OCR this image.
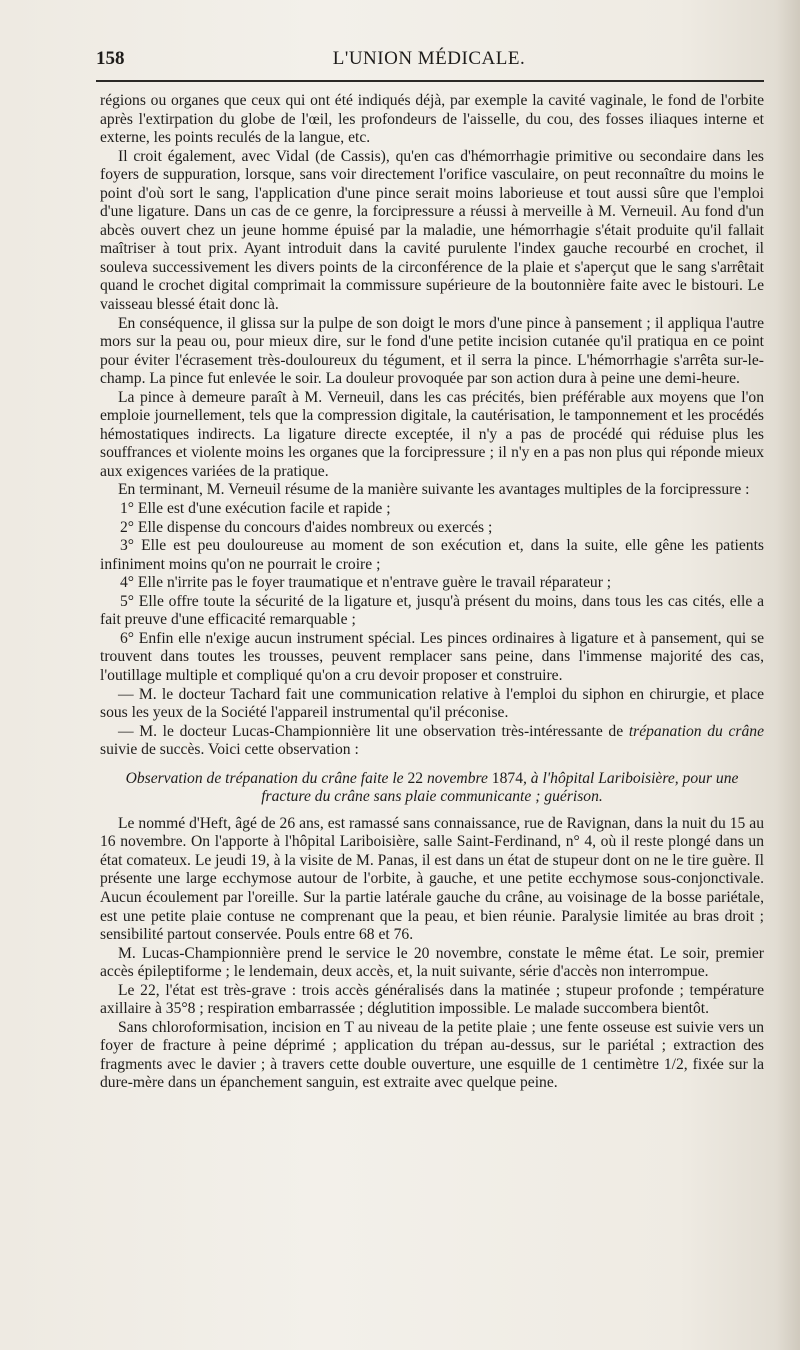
158	L'UNION MÉDICALE.

régions ou organes que ceux qui ont été indiqués déjà, par exemple la cavité vaginale, le fond de l'orbite après l'extirpation du globe de l'œil, les profondeurs de l'aisselle, du cou, des fosses iliaques interne et externe, les points reculés de la langue, etc.

Il croit également, avec Vidal (de Cassis), qu'en cas d'hémorrhagie primitive ou secondaire dans les foyers de suppuration, lorsque, sans voir directement l'orifice vasculaire, on peut reconnaître du moins le point d'où sort le sang, l'application d'une pince serait moins laborieuse et tout aussi sûre que l'emploi d'une ligature. Dans un cas de ce genre, la forcipressure a réussi à merveille à M. Verneuil. Au fond d'un abcès ouvert chez un jeune homme épuisé par la maladie, une hémorrhagie s'était produite qu'il fallait maîtriser à tout prix. Ayant introduit dans la cavité purulente l'index gauche recourbé en crochet, il souleva successivement les divers points de la circonférence de la plaie et s'aperçut que le sang s'arrêtait quand le crochet digital comprimait la commissure supérieure de la boutonnière faite avec le bistouri. Le vaisseau blessé était donc là.

En conséquence, il glissa sur la pulpe de son doigt le mors d'une pince à pansement ; il appliqua l'autre mors sur la peau ou, pour mieux dire, sur le fond d'une petite incision cutanée qu'il pratiqua en ce point pour éviter l'écrasement très-douloureux du tégument, et il serra la pince. L'hémorrhagie s'arrêta sur-le-champ. La pince fut enlevée le soir. La douleur provoquée par son action dura à peine une demi-heure.

La pince à demeure paraît à M. Verneuil, dans les cas précités, bien préférable aux moyens que l'on emploie journellement, tels que la compression digitale, la cautérisation, le tamponnement et les procédés hémostatiques indirects. La ligature directe exceptée, il n'y a pas de procédé qui réduise plus les souffrances et violente moins les organes que la forcipressure ; il n'y en a pas non plus qui réponde mieux aux exigences variées de la pratique.

En terminant, M. Verneuil résume de la manière suivante les avantages multiples de la forcipressure :

1° Elle est d'une exécution facile et rapide ;

2° Elle dispense du concours d'aides nombreux ou exercés ;

3° Elle est peu douloureuse au moment de son exécution et, dans la suite, elle gêne les patients infiniment moins qu'on ne pourrait le croire ;

4° Elle n'irrite pas le foyer traumatique et n'entrave guère le travail réparateur ;

5° Elle offre toute la sécurité de la ligature et, jusqu'à présent du moins, dans tous les cas cités, elle a fait preuve d'une efficacité remarquable ;

6° Enfin elle n'exige aucun instrument spécial. Les pinces ordinaires à ligature et à pansement, qui se trouvent dans toutes les trousses, peuvent remplacer sans peine, dans l'immense majorité des cas, l'outillage multiple et compliqué qu'on a cru devoir proposer et construire.

— M. le docteur Tachard fait une communication relative à l'emploi du siphon en chirurgie, et place sous les yeux de la Société l'appareil instrumental qu'il préconise.

— M. le docteur Lucas-Championnière lit une observation très-intéressante de trépanation du crâne suivie de succès. Voici cette observation :

Observation de trépanation du crâne faite le 22 novembre 1874, à l'hôpital Lariboisière, pour une fracture du crâne sans plaie communicante ; guérison.

Le nommé d'Heft, âgé de 26 ans, est ramassé sans connaissance, rue de Ravignan, dans la nuit du 15 au 16 novembre. On l'apporte à l'hôpital Lariboisière, salle Saint-Ferdinand, n° 4, où il reste plongé dans un état comateux. Le jeudi 19, à la visite de M. Panas, il est dans un état de stupeur dont on ne le tire guère. Il présente une large ecchymose autour de l'orbite, à gauche, et une petite ecchymose sous-conjonctivale. Aucun écoulement par l'oreille. Sur la partie latérale gauche du crâne, au voisinage de la bosse pariétale, est une petite plaie contuse ne comprenant que la peau, et bien réunie. Paralysie limitée au bras droit ; sensibilité partout conservée. Pouls entre 68 et 76.

M. Lucas-Championnière prend le service le 20 novembre, constate le même état. Le soir, premier accès épileptiforme ; le lendemain, deux accès, et, la nuit suivante, série d'accès non interrompue.

Le 22, l'état est très-grave : trois accès généralisés dans la matinée ; stupeur profonde ; température axillaire à 35°8 ; respiration embarrassée ; déglutition impossible. Le malade succombera bientôt.

Sans chloroformisation, incision en T au niveau de la petite plaie ; une fente osseuse est suivie vers un foyer de fracture à peine déprimé ; application du trépan au-dessus, sur le pariétal ; extraction des fragments avec le davier ; à travers cette double ouverture, une esquille de 1 centimètre 1/2, fixée sur la dure-mère dans un épanchement sanguin, est extraite avec quelque peine.
